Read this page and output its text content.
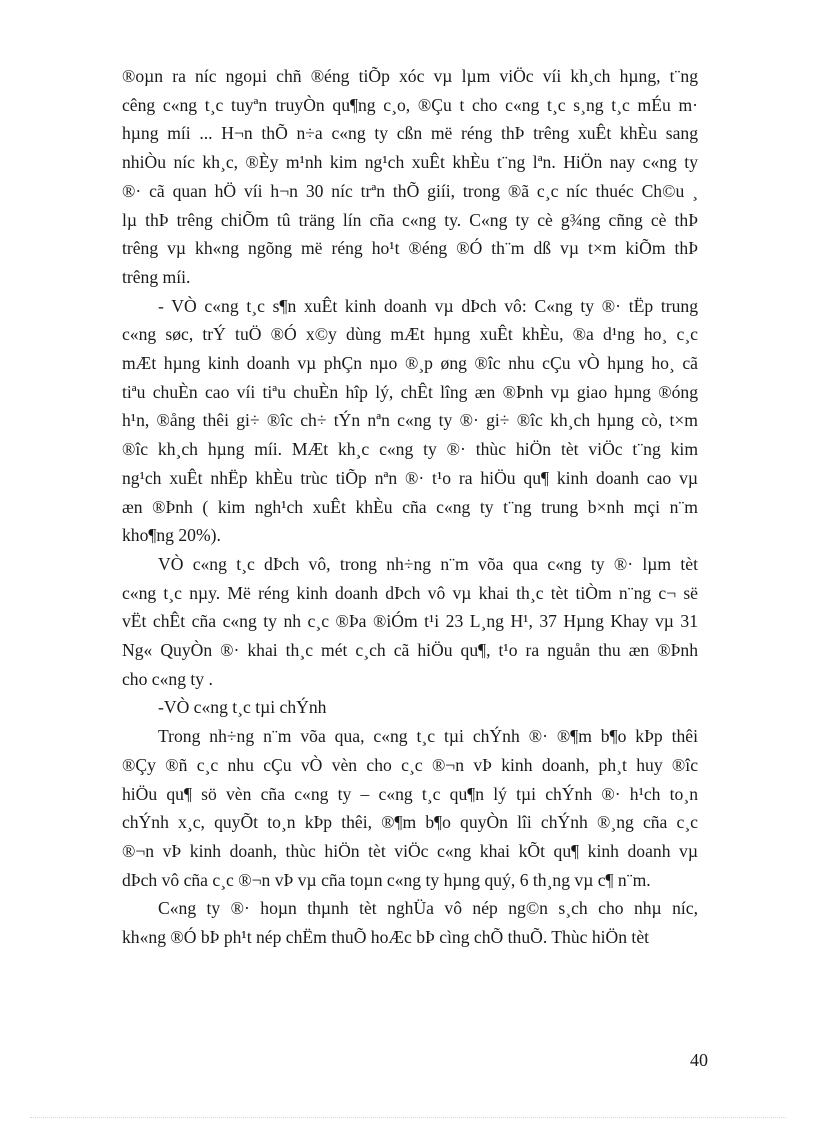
®oµn ra níc ngoµi chñ ®éng tiÕp xóc vµ lµm viÖc víi kh¸ch hµng, t¨ng
cêng c«ng t¸c tuyªn truyÒn qu¶ng c¸o, ®Çu t cho c«ng t¸c s¸ng t¸c mÉu m·
hµng míi ... H¬n thÕ n÷a c«ng ty cßn më réng thÞ trêng xuÊt khÈu sang
nhiÒu níc kh¸c, ®Èy m¹nh kim ng¹ch xuÊt khÈu t¨ng lªn. HiÖn nay c«ng ty
®· cã quan hÖ víi h¬n 30 níc trªn thÕ giíi, trong ®ã c¸c níc thuéc Ch©u ¸
lµ thÞ trêng chiÕm tû träng lín cña c«ng ty. C«ng ty cè g¾ng cñng cè thÞ
trêng vµ kh«ng ngõng më réng ho¹t ®éng ®Ó th¨m dß vµ t×m kiÕm thÞ
trêng míi.
- VÒ c«ng t¸c s¶n xuÊt kinh doanh vµ dÞch vô: C«ng ty ®· tËp trung
c«ng søc, trÝ tuÖ ®Ó x©y dùng mÆt hµng xuÊt khÈu, ®a d¹ng ho¸ c¸c
mÆt hµng kinh doanh vµ phÇn nµo ®¸p øng ®îc nhu cÇu vÒ hµng ho¸ cã
tiªu chuÈn cao víi tiªu chuÈn hîp lý, chÊt lîng æn ®Þnh vµ giao hµng ®óng
h¹n, ®ång thêi gi÷ ®îc ch÷ tÝn nªn c«ng ty ®· gi÷ ®îc kh¸ch hµng cò, t×m
®îc kh¸ch hµng míi. MÆt kh¸c c«ng ty ®· thùc hiÖn tèt viÖc t¨ng kim
ng¹ch xuÊt nhËp khÈu trùc tiÕp nªn ®· t¹o ra hiÖu qu¶ kinh doanh cao vµ
æn ®Þnh ( kim ngh¹ch xuÊt khÈu cña c«ng ty t¨ng trung b×nh mçi n¨m
kho¶ng 20%).
VÒ c«ng t¸c dÞch vô, trong nh÷ng n¨m võa qua c«ng ty ®· lµm tèt
c«ng t¸c nµy. Më réng kinh doanh dÞch vô vµ khai th¸c tèt tiÒm n¨ng c¬ së
vËt chÊt cña c«ng ty nh c¸c ®Þa ®iÓm t¹i 23 L¸ng H¹, 37 Hµng Khay vµ 31
Ng« QuyÒn ®· khai th¸c mét c¸ch cã hiÖu qu¶, t¹o ra nguån thu æn ®Þnh
cho c«ng ty .
-VÒ c«ng t¸c tµi chÝnh
Trong nh÷ng n¨m võa qua, c«ng t¸c tµi chÝnh ®· ®¶m b¶o kÞp thêi
®Çy ®ñ c¸c nhu cÇu vÒ vèn cho c¸c ®¬n vÞ kinh doanh, ph¸t huy ®îc
hiÖu qu¶ sö vèn cña c«ng ty – c«ng t¸c qu¶n lý tµi chÝnh ®· h¹ch to¸n
chÝnh x¸c, quyÕt to¸n kÞp thêi, ®¶m b¶o quyÒn lîi chÝnh ®¸ng cña c¸c
®¬n vÞ kinh doanh, thùc hiÖn tèt viÖc c«ng khai kÕt qu¶ kinh doanh vµ
dÞch vô cña c¸c ®¬n vÞ vµ cña toµn c«ng ty hµng quý, 6 th¸ng vµ c¶ n¨m.
C«ng ty ®· hoµn thµnh tèt nghÜa vô nép ng©n s¸ch cho nhµ níc,
kh«ng ®Ó bÞ ph¹t nép chËm thuÕ hoÆc bÞ cìng chÕ thuÕ. Thùc hiÖn tèt
40
